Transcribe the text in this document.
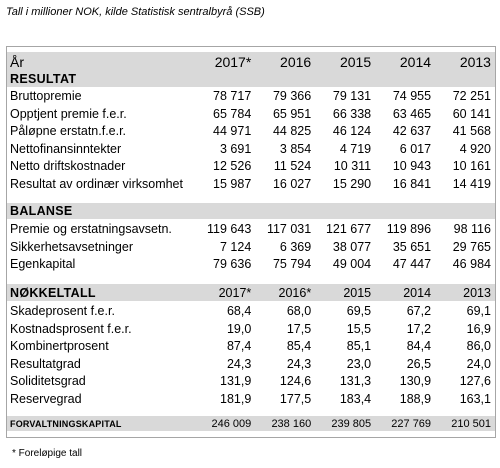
Tall i millioner NOK, kilde Statistisk sentralbyrå (SSB)
År	2017*	2016	2015	2014	2013
RESULTAT
Bruttopremie	78 717	79 366	79 131	74 955	72 251
Opptjent premie f.e.r.	65 784	65 951	66 338	63 465	60 141
Påløpne erstatn.f.e.r.	44 971	44 825	46 124	42 637	41 568
Nettofinansinntekter	3 691	3 854	4 719	6 017	4 920
Netto driftskostnader	12 526	11 524	10 311	10 943	10 161
Resultat av ordinær virksomhet	15 987	16 027	15 290	16 841	14 419
BALANSE
Premie og erstatningsavsetn.	119 643	117 031	121 677	119 896	98 116
Sikkerhetsavsetninger	7 124	6 369	38 077	35 651	29 765
Egenkapital	79 636	75 794	49 004	47 447	46 984
NØKKELTALL	2017*	2016*	2015	2014	2013
Skadeprosent f.e.r.	68,4	68,0	69,5	67,2	69,1
Kostnadsprosent f.e.r.	19,0	17,5	15,5	17,2	16,9
Kombinertprosent	87,4	85,4	85,1	84,4	86,0
Resultatgrad	24,3	24,3	23,0	26,5	24,0
Soliditetsgrad	131,9	124,6	131,3	130,9	127,6
Reservegrad	181,9	177,5	183,4	188,9	163,1
FORVALTNINGSKAPITAL	246 009	238 160	239 805	227 769	210 501
* Foreløpige tall
